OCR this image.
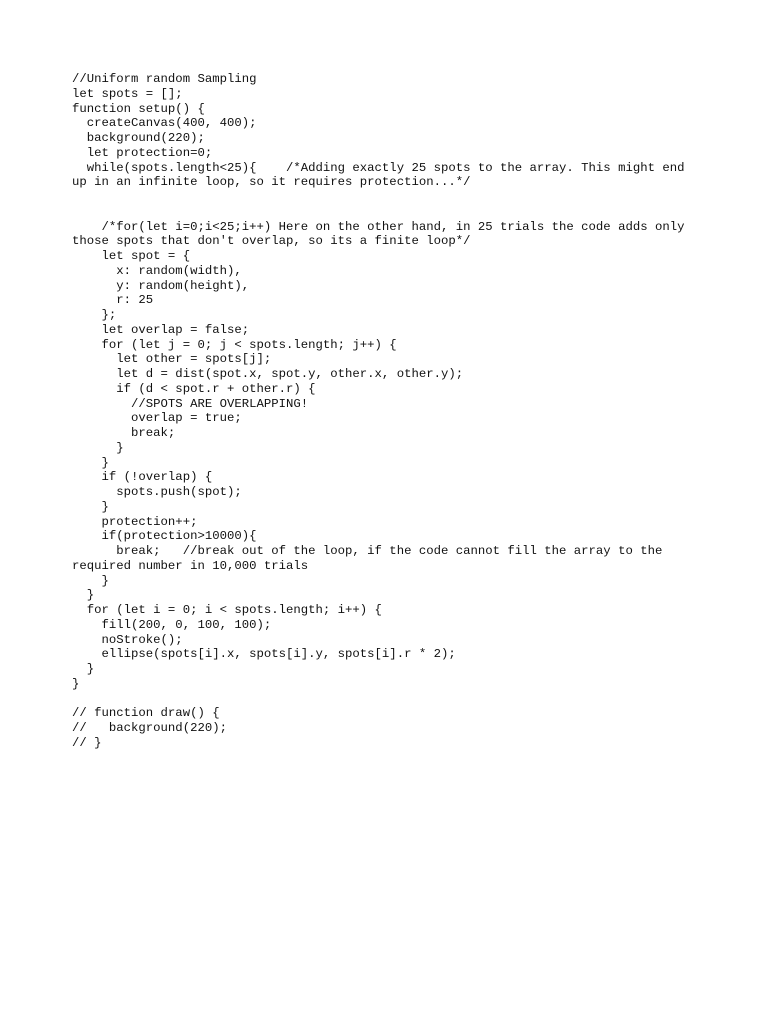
//Uniform random Sampling
let spots = [];
function setup() {
createCanvas(400, 400);
background(220);
let protection=0;
while(spots.length<25){    /*Adding exactly 25 spots to the array. This might end
up in an infinite loop, so it requires protection...*/
/*for(let i=0;i<25;i++) Here on the other hand, in 25 trials the code adds only
those spots that don't overlap, so its a finite loop*/
let spot = {
x: random(width),
y: random(height),
r: 25
};
let overlap = false;
for (let j = 0; j < spots.length; j++) {
let other = spots[j];
let d = dist(spot.x, spot.y, other.x, other.y);
if (d < spot.r + other.r) {
//SPOTS ARE OVERLAPPING!
overlap = true;
break;
}
}
if (!overlap) {
spots.push(spot);
}
protection++;
if(protection>10000){
break;   //break out of the loop, if the code cannot fill the array to the
required number in 10,000 trials
}
}
for (let i = 0; i < spots.length; i++) {
fill(200, 0, 100, 100);
noStroke();
ellipse(spots[i].x, spots[i].y, spots[i].r * 2);
}
}
// function draw() {
//   background(220);
// }
